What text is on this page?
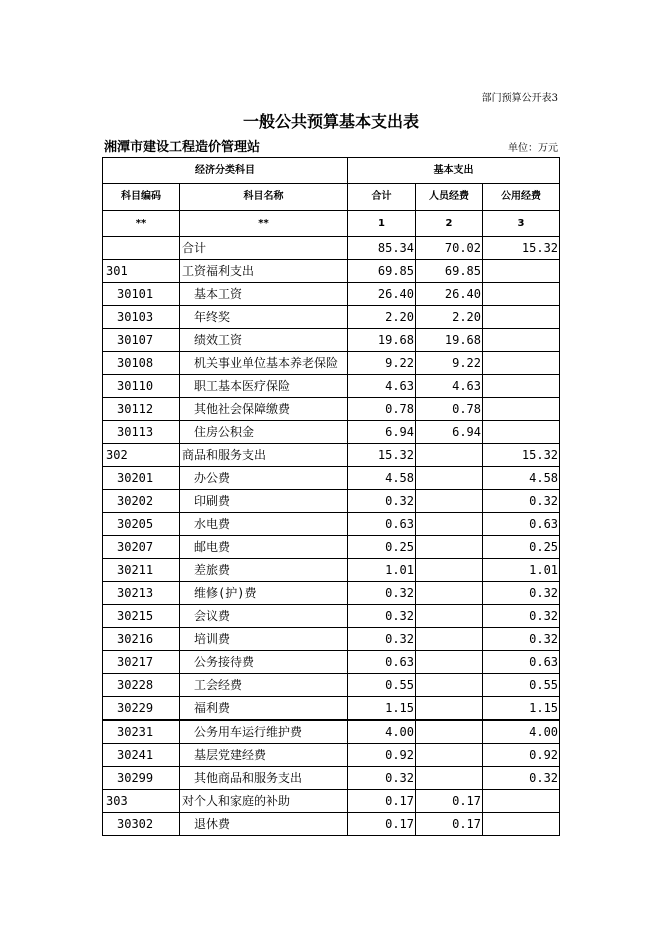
部门预算公开表3
一般公共预算基本支出表
湘潭市建设工程造价管理站	单位：万元
经济分类科目		基本支出		
科目编码	科目名称	合计	人员经费	公用经费
**	**	1	2	3
	合计	85.34	70.02	15.32
301	工资福利支出	69.85	69.85	
30101	基本工资	26.40	26.40	
30103	年终奖	2.20	2.20	
30107	绩效工资	19.68	19.68	
30108	机关事业单位基本养老保险	9.22	9.22	
30110	职工基本医疗保险	4.63	4.63	
30112	其他社会保障缴费	0.78	0.78	
30113	住房公积金	6.94	6.94	
302	商品和服务支出	15.32		15.32
30201	办公费	4.58		4.58
30202	印刷费	0.32		0.32
30205	水电费	0.63		0.63
30207	邮电费	0.25		0.25
30211	差旅费	1.01		1.01
30213	维修(护)费	0.32		0.32
30215	会议费	0.32		0.32
30216	培训费	0.32		0.32
30217	公务接待费	0.63		0.63
30228	工会经费	0.55		0.55
30229	福利费	1.15		1.15
30231	公务用车运行维护费	4.00		4.00
30241	基层党建经费	0.92		0.92
30299	其他商品和服务支出	0.32		0.32
303	对个人和家庭的补助	0.17	0.17	
30302	退休费	0.17	0.17	
